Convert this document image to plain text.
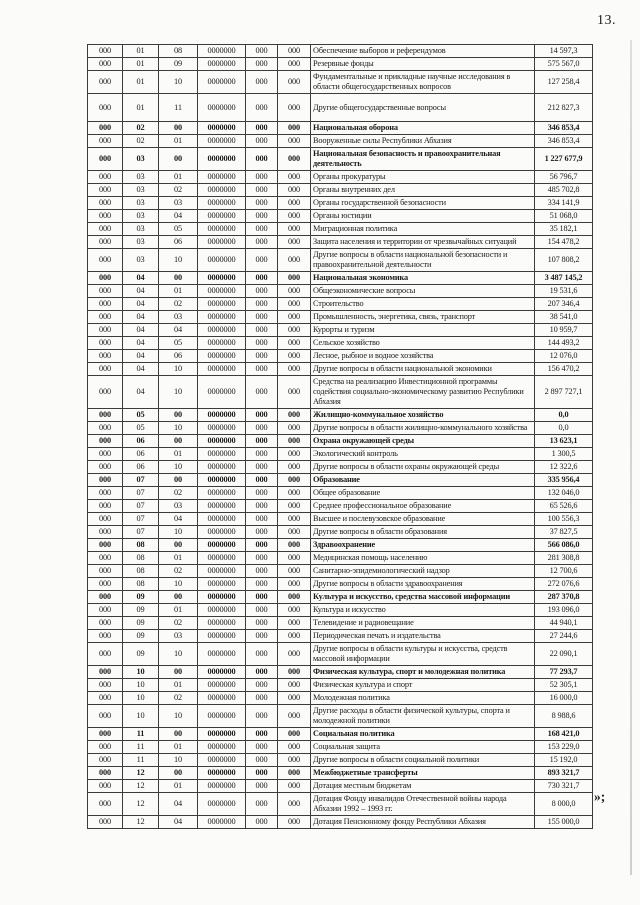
13.
000	01	08	0000000	000	000	Обеспечение выборов и референдумов	14 597,3
000	01	09	0000000	000	000	Резервные фонды	575 567,0
000	01	10	0000000	000	000	Фундаментальные и прикладные научные исследования в области общегосударственных вопросов	127 258,4
000	01	11	0000000	000	000	Другие общегосударственные вопросы	212 827,3
000	02	00	0000000	000	000	Национальная оборона	346 853,4
000	02	01	0000000	000	000	Вооруженные силы Республики Абхазия	346 853,4
000	03	00	0000000	000	000	Национальная безопасность и правоохранительная деятельность	1 227 677,9
000	03	01	0000000	000	000	Органы прокуратуры	56 796,7
000	03	02	0000000	000	000	Органы внутренних дел	485 702,8
000	03	03	0000000	000	000	Органы государственной безопасности	334 141,9
000	03	04	0000000	000	000	Органы юстиции	51 068,0
000	03	05	0000000	000	000	Миграционная политика	35 182,1
000	03	06	0000000	000	000	Защита населения и территории от чрезвычайных ситуаций	154 478,2
000	03	10	0000000	000	000	Другие вопросы в области национальной безопасности и правоохранительной деятельности	107 808,2
000	04	00	0000000	000	000	Национальная экономика	3 487 145,2
000	04	01	0000000	000	000	Общеэкономические вопросы	19 531,6
000	04	02	0000000	000	000	Строительство	207 346,4
000	04	03	0000000	000	000	Промышленность, энергетика, связь, транспорт	38 541,0
000	04	04	0000000	000	000	Курорты и туризм	10 959,7
000	04	05	0000000	000	000	Сельское хозяйство	144 493,2
000	04	06	0000000	000	000	Лесное, рыбное и водное хозяйства	12 076,0
000	04	10	0000000	000	000	Другие вопросы в области национальной экономики	156 470,2
000	04	10	0000000	000	000	Средства на реализацию Инвестиционной программы содействия социально-экономическому развитию Республики Абхазия	2 897 727,1
000	05	00	0000000	000	000	Жилищно-коммунальное хозяйство	0,0
000	05	10	0000000	000	000	Другие вопросы в области жилищно-коммунального хозяйства	0,0
000	06	00	0000000	000	000	Охрана окружающей среды	13 623,1
000	06	01	0000000	000	000	Экологический контроль	1 300,5
000	06	10	0000000	000	000	Другие вопросы в области охраны окружающей среды	12 322,6
000	07	00	0000000	000	000	Образование	335 956,4
000	07	02	0000000	000	000	Общее образование	132 046,0
000	07	03	0000000	000	000	Среднее профессиональное образование	65 526,6
000	07	04	0000000	000	000	Высшее и послевузовское образование	100 556,3
000	07	10	0000000	000	000	Другие вопросы в области образования	37 827,5
000	08	00	0000000	000	000	Здравоохранение	566 086,0
000	08	01	0000000	000	000	Медицинская помощь населению	281 308,8
000	08	02	0000000	000	000	Санитарно-эпидемиологический надзор	12 700,6
000	08	10	0000000	000	000	Другие вопросы в области здравоохранения	272 076,6
000	09	00	0000000	000	000	Культура и искусство, средства массовой информации	287 370,8
000	09	01	0000000	000	000	Культура и искусство	193 096,0
000	09	02	0000000	000	000	Телевидение и радиовещание	44 940,1
000	09	03	0000000	000	000	Периодическая печать и издательства	27 244,6
000	09	10	0000000	000	000	Другие вопросы в области культуры и искусства, средств массовой информации	22 090,1
000	10	00	0000000	000	000	Физическая культура, спорт и молодежная политика	77 293,7
000	10	01	0000000	000	000	Физическая культура и спорт	52 305,1
000	10	02	0000000	000	000	Молодежная политика	16 000,0
000	10	10	0000000	000	000	Другие расходы в области физической культуры, спорта и молодежной политики	8 988,6
000	11	00	0000000	000	000	Социальная политика	168 421,0
000	11	01	0000000	000	000	Социальная защита	153 229,0
000	11	10	0000000	000	000	Другие вопросы в области социальной политики	15 192,0
000	12	00	0000000	000	000	Межбюджетные трансферты	893 321,7
000	12	01	0000000	000	000	Дотация местным бюджетам	730 321,7
000	12	04	0000000	000	000	Дотация Фонду инвалидов Отечественной войны народа Абхазии 1992 – 1993 гг.	8 000,0
000	12	04	0000000	000	000	Дотация Пенсионному фонду Республики Абхазия	155 000,0
»;
